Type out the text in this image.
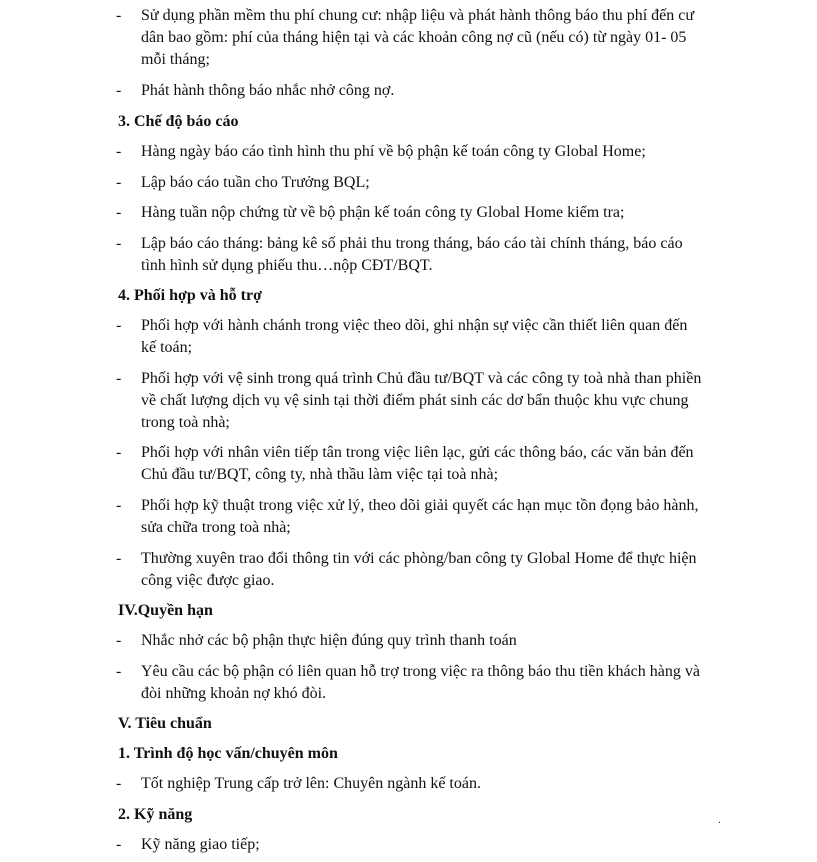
- Sử dụng phần mềm thu phí chung cư: nhập liệu và phát hành thông báo thu phí đến cư
dân bao gồm: phí của tháng hiện tại và các khoản công nợ cũ (nếu có) từ ngày 01- 05
mỗi tháng;
- Phát hành thông báo nhắc nhở công nợ.
3. Chế độ báo cáo
- Hàng ngày báo cáo tình hình thu phí về bộ phận kế toán công ty Global Home;
- Lập báo cáo tuần cho Trưởng BQL;
- Hàng tuần nộp chứng từ về bộ phận kế toán công ty Global Home kiểm tra;
- Lập báo cáo tháng: bảng kê số phải thu trong tháng, báo cáo tài chính tháng, báo cáo
tình hình sử dụng phiếu thu…nộp CĐT/BQT.
4. Phối hợp và hỗ trợ
- Phối hợp với hành chánh trong việc theo dõi, ghi nhận sự việc cần thiết liên quan đến
kế toán;
- Phối hợp với vệ sinh trong quá trình Chủ đầu tư/BQT và các công ty toà nhà than phiền
về chất lượng dịch vụ vệ sinh tại thời điểm phát sinh các dơ bẩn thuộc khu vực chung
trong toà nhà;
- Phối hợp với nhân viên tiếp tân trong việc liên lạc, gửi các thông báo, các văn bản đến
Chủ đầu tư/BQT, công ty, nhà thầu làm việc tại toà nhà;
- Phối hợp kỹ thuật trong việc xử lý, theo dõi giải quyết các hạn mục tồn đọng bảo hành,
sửa chữa trong toà nhà;
- Thường xuyên trao đổi thông tin với các phòng/ban công ty Global Home để thực hiện
công việc được giao.
IV.Quyền hạn
- Nhắc nhở các bộ phận thực hiện đúng quy trình thanh toán
- Yêu cầu các bộ phận có liên quan hỗ trợ trong việc ra thông báo thu tiền khách hàng và
đòi những khoản nợ khó đòi.
V. Tiêu chuẩn
1. Trình độ học vấn/chuyên môn
- Tốt nghiệp Trung cấp trở lên: Chuyên ngành kế toán.
2. Kỹ năng
- Kỹ năng giao tiếp;
.
